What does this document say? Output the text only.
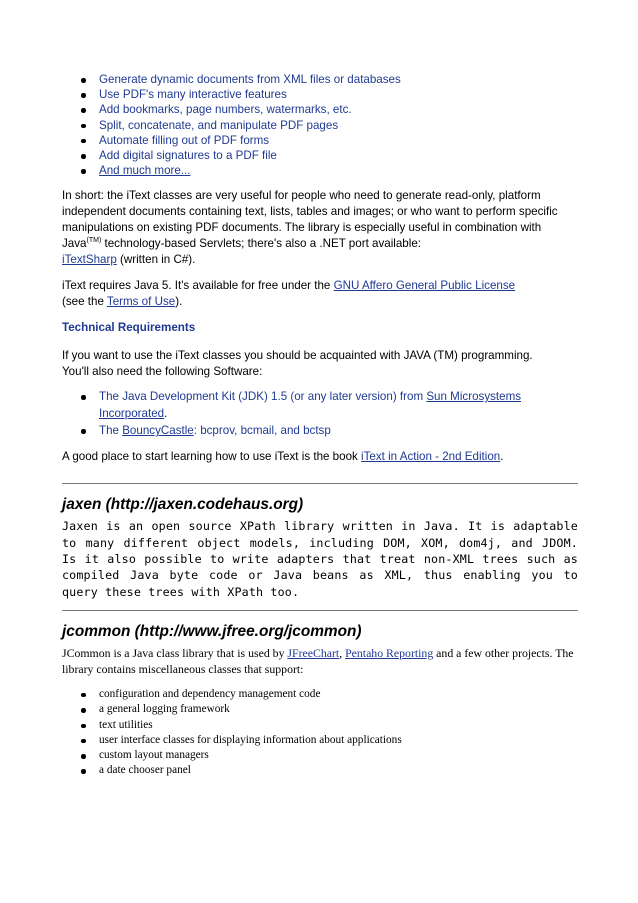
Generate dynamic documents from XML files or databases
Use PDF's many interactive features
Add bookmarks, page numbers, watermarks, etc.
Split, concatenate, and manipulate PDF pages
Automate filling out of PDF forms
Add digital signatures to a PDF file
And much more...

In short: the iText classes are very useful for people who need to generate read-only, platform independent documents containing text, lists, tables and images; or who want to perform specific manipulations on existing PDF documents. The library is especially useful in combination with Java$^{(TM)}$ technology-based Servlets; there's also a .NET port available:
iTextSharp (written in C#).

iText requires Java 5. It's available for free under the GNU Affero General Public License
(see the Terms of Use).

Technical Requirements

If you want to use the iText classes you should be acquainted with JAVA (TM) programming.
You'll also need the following Software:

The Java Development Kit (JDK) 1.5 (or any later version) from Sun Microsystems Incorporated.
The BouncyCastle: bcprov, bcmail, and bctsp

A good place to start learning how to use iText is the book iText in Action - 2nd Edition.

jaxen (http://jaxen.codehaus.org)
Jaxen is an open source XPath library written in Java. It is adaptable to many different object models, including DOM, XOM, dom4j, and JDOM. Is it also possible to write adapters that treat non-XML trees such as compiled Java byte code or Java beans as XML, thus enabling you to query these trees with XPath too.
jcommon (http://www.jfree.org/jcommon)

JCommon is a Java class library that is used by JFreeChart, Pentaho Reporting and a few other projects. The library contains miscellaneous classes that support:

configuration and dependency management code
a general logging framework
text utilities
user interface classes for displaying information about applications
custom layout managers
a date chooser panel
